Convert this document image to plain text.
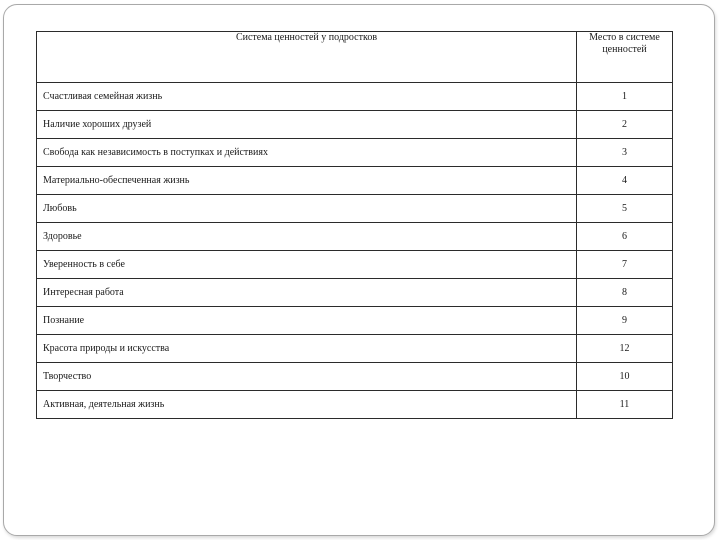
Система ценностей у подростков	Место в системе ценностей
Счастливая семейная жизнь	1
Наличие хороших друзей	2
Свобода как независимость в поступках и действиях	3
Материально-обеспеченная жизнь	4
Любовь	5
Здоровье	6
Уверенность в себе	7
Интересная работа	8
Познание	9
Красота природы и искусства	12
Творчество	10
Активная, деятельная жизнь	11
